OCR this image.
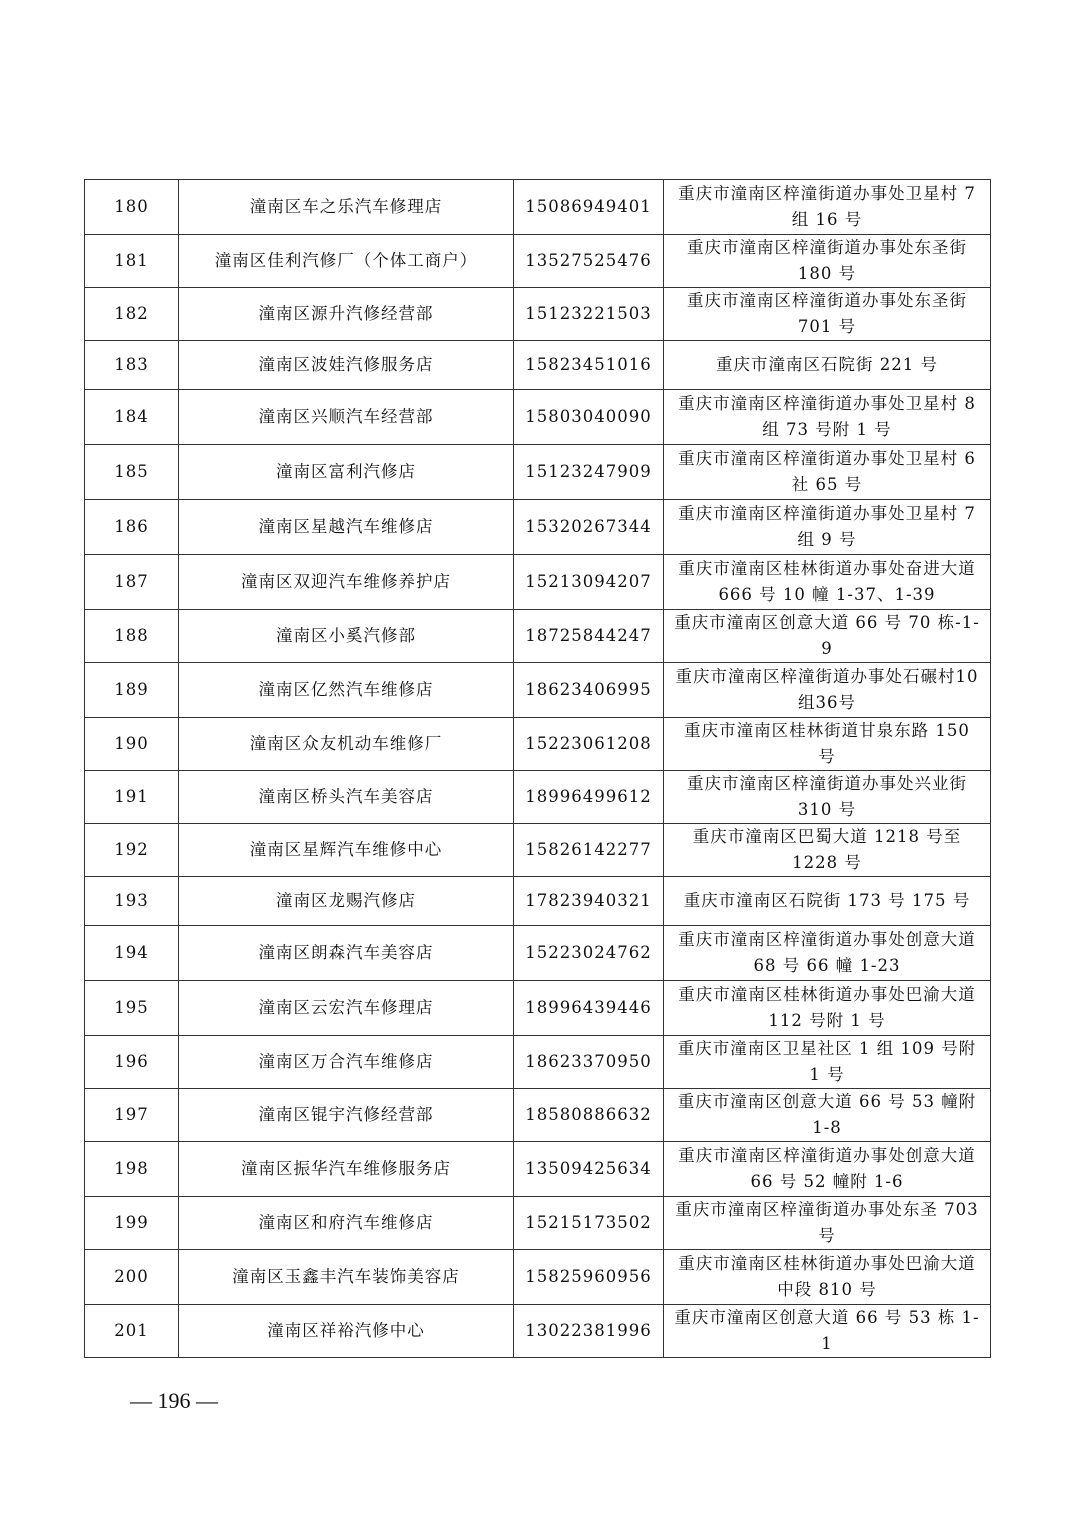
180	潼南区车之乐汽车修理店	15086949401	重庆市潼南区梓潼街道办事处卫星村 7 组 16 号
181	潼南区佳利汽修厂（个体工商户）	13527525476	重庆市潼南区梓潼街道办事处东圣街 180 号
182	潼南区源升汽修经营部	15123221503	重庆市潼南区梓潼街道办事处东圣街 701 号
183	潼南区波娃汽修服务店	15823451016	重庆市潼南区石院街 221 号
184	潼南区兴顺汽车经营部	15803040090	重庆市潼南区梓潼街道办事处卫星村 8 组 73 号附 1 号
185	潼南区富利汽修店	15123247909	重庆市潼南区梓潼街道办事处卫星村 6 社 65 号
186	潼南区星越汽车维修店	15320267344	重庆市潼南区梓潼街道办事处卫星村 7 组 9 号
187	潼南区双迎汽车维修养护店	15213094207	重庆市潼南区桂林街道办事处奋进大道 666 号 10 幢 1-37、1-39
188	潼南区小奚汽修部	18725844247	重庆市潼南区创意大道 66 号 70 栋-1-9
189	潼南区亿然汽车维修店	18623406995	重庆市潼南区梓潼街道办事处石碾村10组36号
190	潼南区众友机动车维修厂	15223061208	重庆市潼南区桂林街道甘泉东路 150 号
191	潼南区桥头汽车美容店	18996499612	重庆市潼南区梓潼街道办事处兴业街 310 号
192	潼南区星辉汽车维修中心	15826142277	重庆市潼南区巴蜀大道 1218 号至 1228 号
193	潼南区龙赐汽修店	17823940321	重庆市潼南区石院街 173 号 175 号
194	潼南区朗森汽车美容店	15223024762	重庆市潼南区梓潼街道办事处创意大道 68 号 66 幢 1-23
195	潼南区云宏汽车修理店	18996439446	重庆市潼南区桂林街道办事处巴渝大道 112 号附 1 号
196	潼南区万合汽车维修店	18623370950	重庆市潼南区卫星社区 1 组 109 号附 1 号
197	潼南区锟宇汽修经营部	18580886632	重庆市潼南区创意大道 66 号 53 幢附 1-8
198	潼南区振华汽车维修服务店	13509425634	重庆市潼南区梓潼街道办事处创意大道 66 号 52 幢附 1-6
199	潼南区和府汽车维修店	15215173502	重庆市潼南区梓潼街道办事处东圣 703 号
200	潼南区玉鑫丰汽车装饰美容店	15825960956	重庆市潼南区桂林街道办事处巴渝大道中段 810 号
201	潼南区祥裕汽修中心	13022381996	重庆市潼南区创意大道 66 号 53 栋 1-1
— 196 —
